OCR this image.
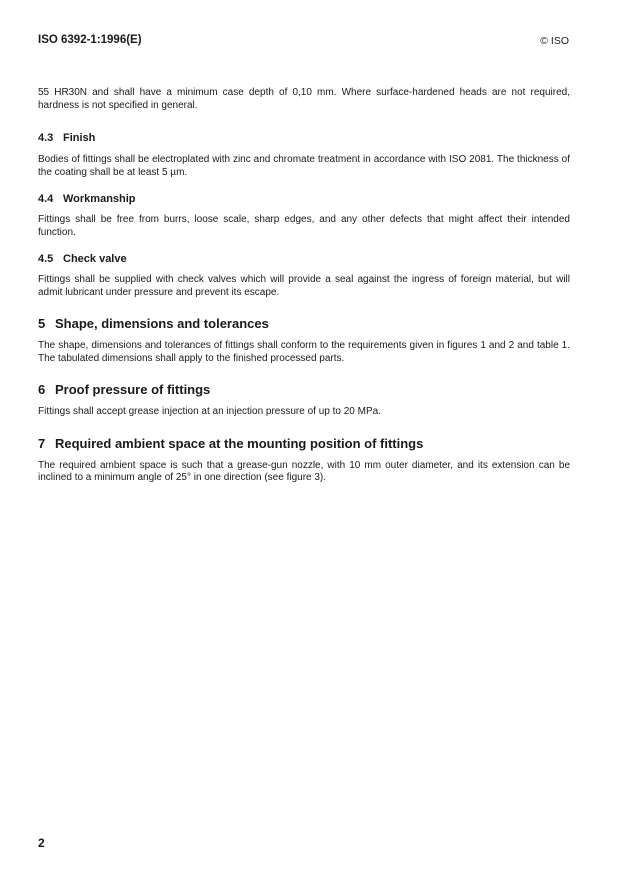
ISO 6392-1:1996(E)	© ISO

55 HR30N and shall have a minimum case depth of 0,10 mm. Where surface-hardened heads are not required, hardness is not specified in general.

4.3 Finish

Bodies of fittings shall be electroplated with zinc and chromate treatment in accordance with ISO 2081. The thickness of the coating shall be at least 5 µm.

4.4 Workmanship

Fittings shall be free from burrs, loose scale, sharp edges, and any other defects that might affect their intended function.

4.5 Check valve

Fittings shall be supplied with check valves which will provide a seal against the ingress of foreign material, but will admit lubricant under pressure and prevent its escape.

5 Shape, dimensions and tolerances

The shape, dimensions and tolerances of fittings shall conform to the requirements given in figures 1 and 2 and table 1. The tabulated dimensions shall apply to the finished processed parts.

6 Proof pressure of fittings

Fittings shall accept grease injection at an injection pressure of up to 20 MPa.

7 Required ambient space at the mounting position of fittings

The required ambient space is such that a grease-gun nozzle, with 10 mm outer diameter, and its extension can be inclined to a minimum angle of 25° in one direction (see figure 3).

2
